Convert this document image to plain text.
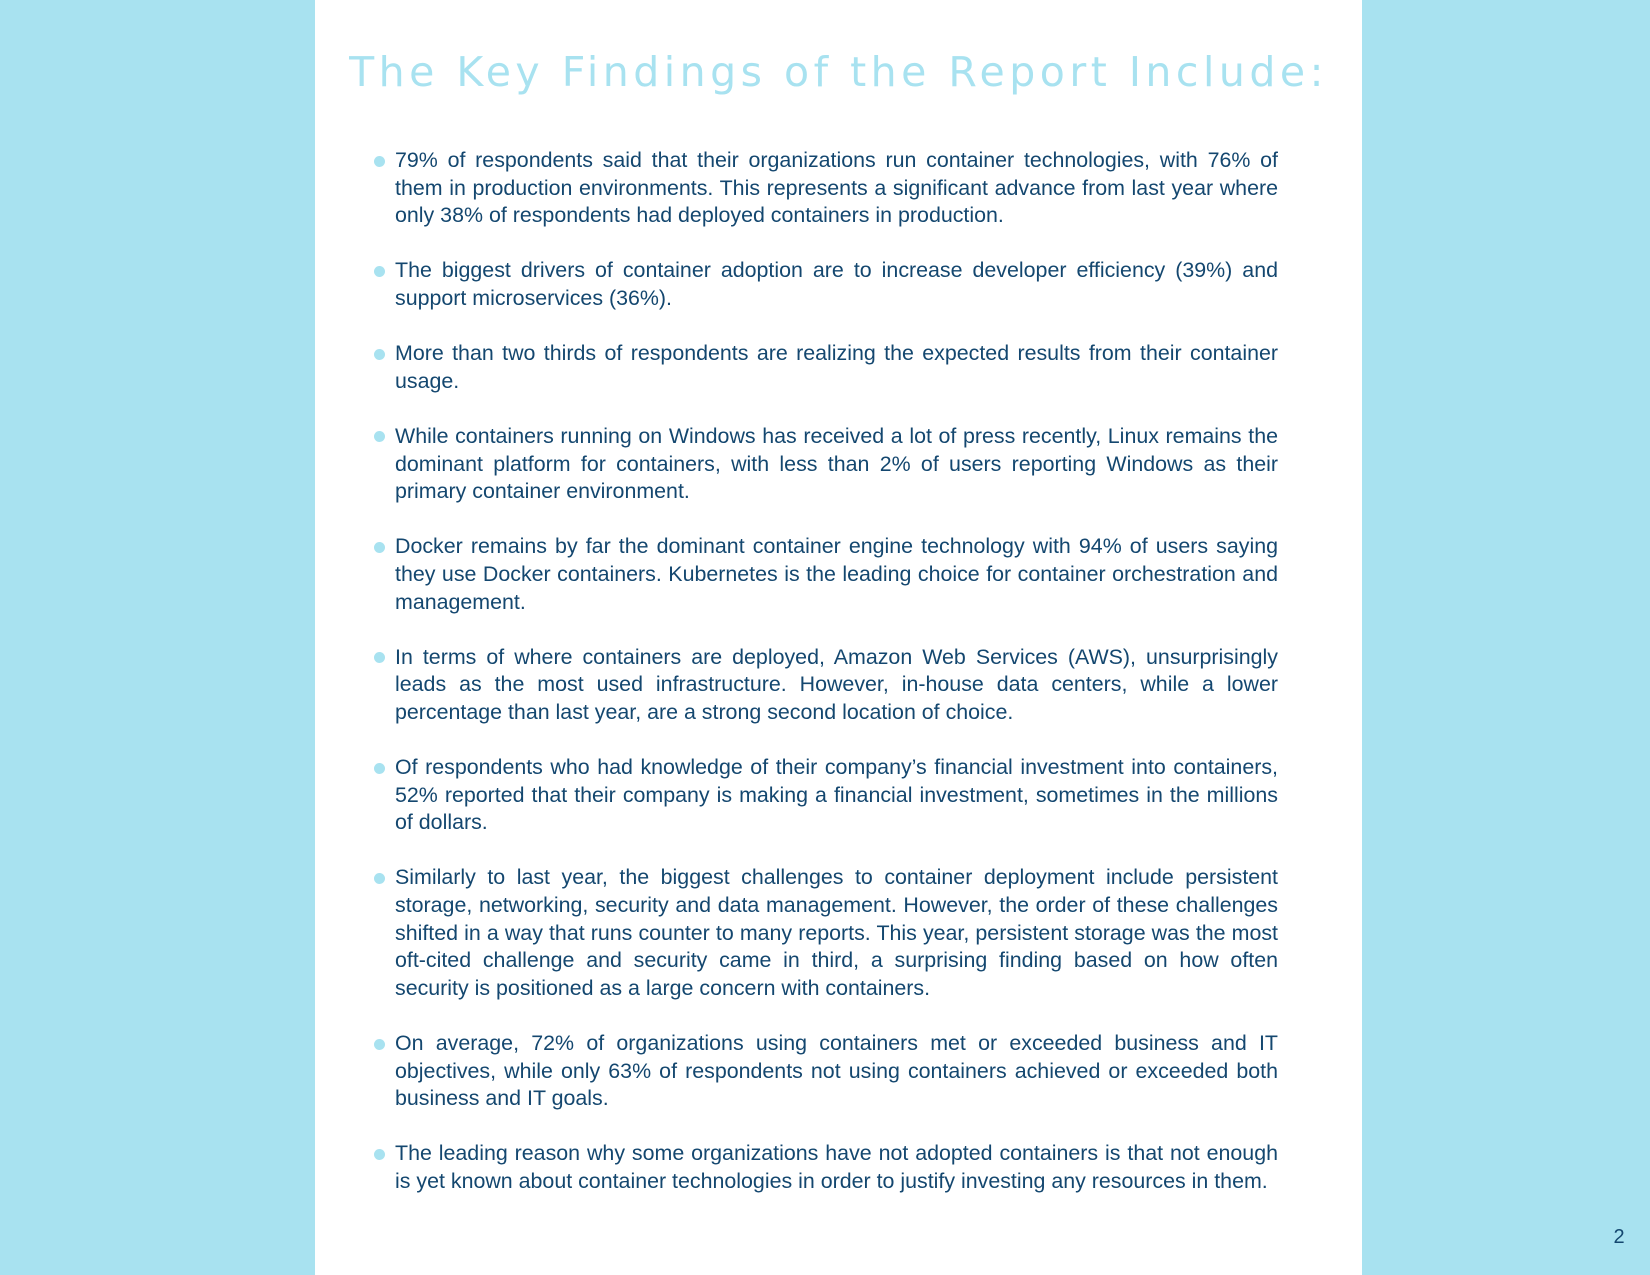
The Key Findings of the Report Include:
79% of respondents said that their organizations run container technologies, with 76% of them in production environments. This represents a significant advance from last year where only 38% of respondents had deployed containers in production.
The biggest drivers of container adoption are to increase developer efficiency (39%) and support microservices (36%).
More than two thirds of respondents are realizing the expected results from their container usage.
While containers running on Windows has received a lot of press recently, Linux remains the dominant platform for containers, with less than 2% of users reporting Windows as their primary container environment.
Docker remains by far the dominant container engine technology with 94% of users saying they use Docker containers. Kubernetes is the leading choice for container orchestration and management.
In terms of where containers are deployed, Amazon Web Services (AWS), unsurprisingly leads as the most used infrastructure. However, in-house data centers, while a lower percentage than last year, are a strong second location of choice.
Of respondents who had knowledge of their company’s financial investment into containers, 52% reported that their company is making a financial investment, sometimes in the millions of dollars.
Similarly to last year, the biggest challenges to container deployment include persistent storage, networking, security and data management. However, the order of these challenges shifted in a way that runs counter to many reports. This year, persistent storage was the most oft-cited challenge and security came in third, a surprising finding based on how often security is positioned as a large concern with containers.
On average, 72% of organizations using containers met or exceeded business and IT objectives, while only 63% of respondents not using containers achieved or exceeded both business and IT goals.
The leading reason why some organizations have not adopted containers is that not enough is yet known about container technologies in order to justify investing any resources in them.
2
